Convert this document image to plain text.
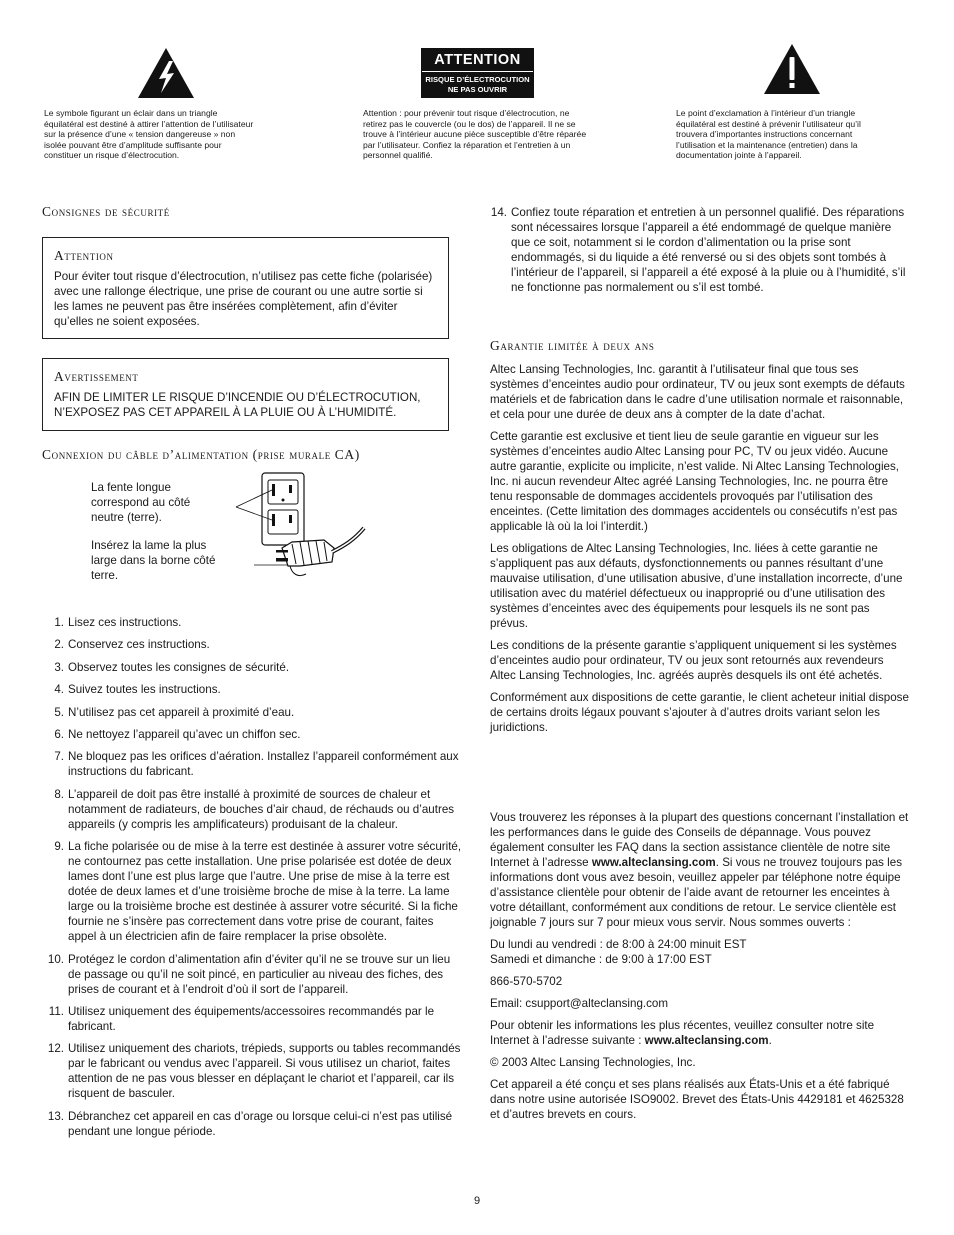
Le symbole figurant un éclair dans un triangle équilatéral est destiné à attirer l’attention de l’utilisateur sur la présence d’une « tension dangereuse » non isolée pouvant être d’amplitude suffisante pour constituer un risque d’électrocution.
ATTENTION
RISQUE D’ÉLECTROCUTION
NE PAS OUVRIR
Attention : pour prévenir tout risque d’électrocution, ne retirez pas le couvercle (ou le dos) de l’appareil. Il ne se trouve à l’intérieur aucune pièce susceptible d’être réparée par l’utilisateur. Confiez la réparation et l’entretien à un personnel qualifié.
Le point d’exclamation à l’intérieur d’un triangle équilatéral est destiné à prévenir l’utilisateur qu’il trouvera d’importantes instructions concernant l’utilisation et la maintenance (entretien) dans la documentation jointe à l’appareil.
Consignes de sécurité
Attention

Pour éviter tout risque d’électrocution, n’utilisez pas cette fiche (polarisée) avec une rallonge électrique, une prise de courant ou une autre sortie si les lames ne peuvent pas être insérées complètement, afin d’éviter qu’elles ne soient exposées.

Avertissement

AFIN DE LIMITER LE RISQUE D’INCENDIE OU D’ÉLECTROCUTION, N’EXPOSEZ PAS CET APPAREIL À LA PLUIE OU À L’HUMIDITÉ.

Connexion du câble d’alimentation (prise murale CA)
La fente longue correspond au côté neutre (terre).
Insérez la lame la plus large dans la borne côté terre.
1. Lisez ces instructions.
2. Conservez ces instructions.
3. Observez toutes les consignes de sécurité.
4. Suivez toutes les instructions.
5. N’utilisez pas cet appareil à proximité d’eau.
6. Ne nettoyez l’appareil qu’avec un chiffon sec.
7. Ne bloquez pas les orifices d’aération. Installez l’appareil conformément aux instructions du fabricant.
8. L’appareil de doit pas être installé à proximité de sources de chaleur et notamment de radiateurs, de bouches d’air chaud, de réchauds ou d’autres appareils (y compris les amplificateurs) produisant de la chaleur.
9. La fiche polarisée ou de mise à la terre est destinée à assurer votre sécurité, ne contournez pas cette installation. Une prise polarisée est dotée de deux lames dont l’une est plus large que l’autre. Une prise de mise à la terre est dotée de deux lames et d’une troisième broche de mise à la terre. La lame large ou la troisième broche est destinée à assurer votre sécurité. Si la fiche fournie ne s’insère pas correctement dans votre prise de courant, faites appel à un électricien afin de faire remplacer la prise obsolète.
10. Protégez le cordon d’alimentation afin d’éviter qu’il ne se trouve sur un lieu de passage ou qu’il ne soit pincé, en particulier au niveau des fiches, des prises de courant et à l’endroit d’où il sort de l’appareil.
11. Utilisez uniquement des équipements/accessoires recommandés par le fabricant.
12. Utilisez uniquement des chariots, trépieds, supports ou tables recommandés par le fabricant ou vendus avec l’appareil. Si vous utilisez un chariot, faites attention de ne pas vous blesser en déplaçant le chariot et l’appareil, car ils risquent de basculer.
13. Débranchez cet appareil en cas d’orage ou lorsque celui-ci n’est pas utilisé pendant une longue période.
14. Confiez toute réparation et entretien à un personnel qualifié. Des réparations sont nécessaires lorsque l’appareil a été endommagé de quelque manière que ce soit, notamment si le cordon d’alimentation ou la prise sont endommagés, si du liquide a été renversé ou si des objets sont tombés à l’intérieur de l’appareil, si l’appareil a été exposé à la pluie ou à l’humidité, s’il ne fonctionne pas normalement ou s’il est tombé.
Garantie limitée à deux ans

Altec Lansing Technologies, Inc. garantit à l’utilisateur final que tous ses systèmes d’enceintes audio pour ordinateur, TV ou jeux sont exempts de défauts matériels et de fabrication dans le cadre d’une utilisation normale et raisonnable, et cela pour une durée de deux ans à compter de la date d’achat.

Cette garantie est exclusive et tient lieu de seule garantie en vigueur sur les systèmes d’enceintes audio Altec Lansing pour PC, TV ou jeux vidéo. Aucune autre garantie, explicite ou implicite, n’est valide. Ni Altec Lansing Technologies, Inc. ni aucun revendeur Altec agréé Lansing Technologies, Inc. ne pourra être tenu responsable de dommages accidentels provoqués par l’utilisation des enceintes. (Cette limitation des dommages accidentels ou consécutifs n’est pas applicable là où la loi l’interdit.)

Les obligations de Altec Lansing Technologies, Inc. liées à cette garantie ne s’appliquent pas aux défauts, dysfonctionnements ou pannes résultant d’une mauvaise utilisation, d’une utilisation abusive, d’une installation incorrecte, d’une utilisation avec du matériel défectueux ou inapproprié ou d’une utilisation des systèmes d’enceintes avec des équipements pour lesquels ils ne sont pas prévus.

Les conditions de la présente garantie s’appliquent uniquement si les systèmes d’enceintes audio pour ordinateur, TV ou jeux sont retournés aux revendeurs Altec Lansing Technologies, Inc. agréés auprès desquels ils ont été achetés.

Conformément aux dispositions de cette garantie, le client acheteur initial dispose de certains droits légaux pouvant s’ajouter à d’autres droits variant selon les juridictions.

Vous trouverez les réponses à la plupart des questions concernant l’installation et les performances dans le guide des Conseils de dépannage. Vous pouvez également consulter les FAQ dans la section assistance clientèle de notre site Internet à l’adresse www.alteclansing.com. Si vous ne trouvez toujours pas les informations dont vous avez besoin, veuillez appeler par téléphone notre équipe d’assistance clientèle pour obtenir de l’aide avant de retourner les enceintes à votre détaillant, conformément aux conditions de retour. Le service clientèle est joignable 7 jours sur 7 pour mieux vous servir. Nous sommes ouverts :

Du lundi au vendredi : de 8:00 à 24:00 minuit EST

Samedi et dimanche : de 9:00 à 17:00 EST

866-570-5702

Email: csupport@alteclansing.com

Pour obtenir les informations les plus récentes, veuillez consulter notre site Internet à l’adresse suivante : www.alteclansing.com.

© 2003 Altec Lansing Technologies, Inc.

Cet appareil a été conçu et ses plans réalisés aux États-Unis et a été fabriqué dans notre usine autorisée ISO9002. Brevet des États-Unis 4429181 et 4625328 et d’autres brevets en cours.

9
